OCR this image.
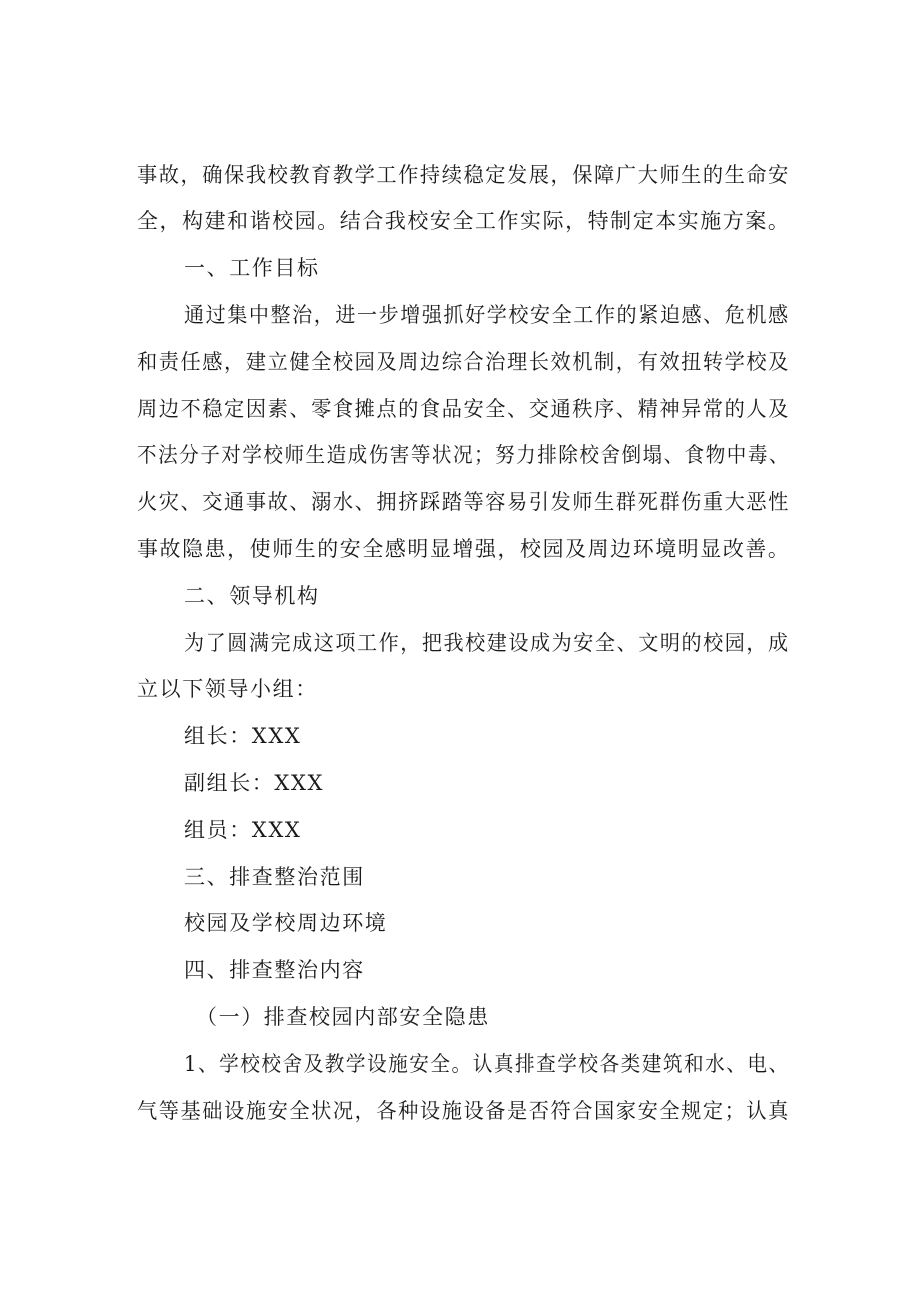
事故，确保我校教育教学工作持续稳定发展，保障广大师生的生命安
全，构建和谐校园。结合我校安全工作实际，特制定本实施方案。
一、工作目标
通过集中整治，进一步增强抓好学校安全工作的紧迫感、危机感
和责任感，建立健全校园及周边综合治理长效机制，有效扭转学校及
周边不稳定因素、零食摊点的食品安全、交通秩序、精神异常的人及
不法分子对学校师生造成伤害等状况；努力排除校舍倒塌、食物中毒、
火灾、交通事故、溺水、拥挤踩踏等容易引发师生群死群伤重大恶性
事故隐患，使师生的安全感明显增强，校园及周边环境明显改善。
二、领导机构
为了圆满完成这项工作，把我校建设成为安全、文明的校园，成
立以下领导小组：
组长：XXX
副组长：XXX
组员：XXX
三、排查整治范围
校园及学校周边环境
四、排查整治内容
（一）排查校园内部安全隐患
1、学校校舍及教学设施安全。认真排查学校各类建筑和水、电、
气等基础设施安全状况，各种设施设备是否符合国家安全规定；认真
